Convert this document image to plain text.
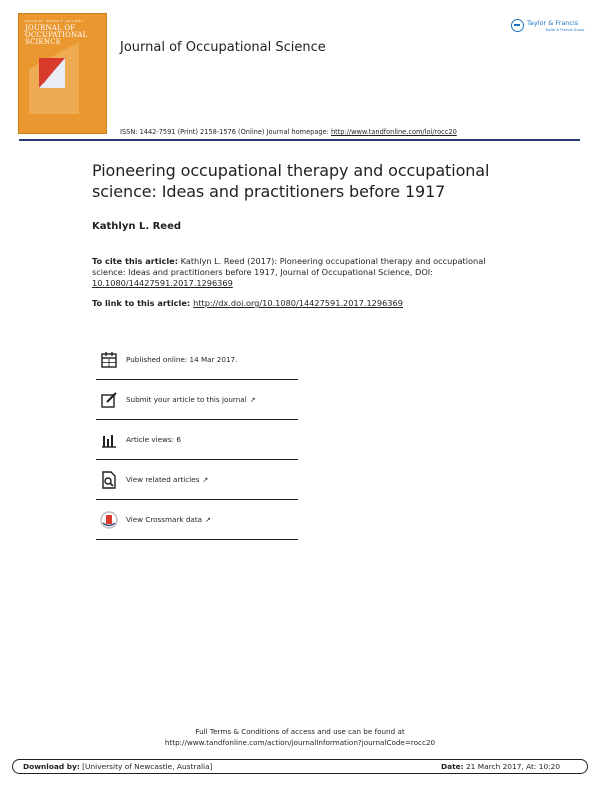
Volume 24 · Number 2 · June 2017
JOURNAL OF OCCUPATIONAL SCIENCE	Journal of Occupational Science
Taylor & Francis
Taylor & Francis Group
ISSN: 1442-7591 (Print) 2158-1576 (Online) Journal homepage: http://www.tandfonline.com/loi/rocc20
Pioneering occupational therapy and occupational science: Ideas and practitioners before 1917
Kathlyn L. Reed
To cite this article: Kathlyn L. Reed (2017): Pioneering occupational therapy and occupational science: Ideas and practitioners before 1917, Journal of Occupational Science, DOI: 10.1080/14427591.2017.1296369
To link to this article: http://dx.doi.org/10.1080/14427591.2017.1296369
Published online: 14 Mar 2017.
Submit your article to this journal ↗
Article views: 6
View related articles ↗
View Crossmark data ↗
Full Terms & Conditions of access and use can be found at
http://www.tandfonline.com/action/journalInformation?journalCode=rocc20
Download by: [University of Newcastle, Australia]	Date: 21 March 2017, At: 10:20
